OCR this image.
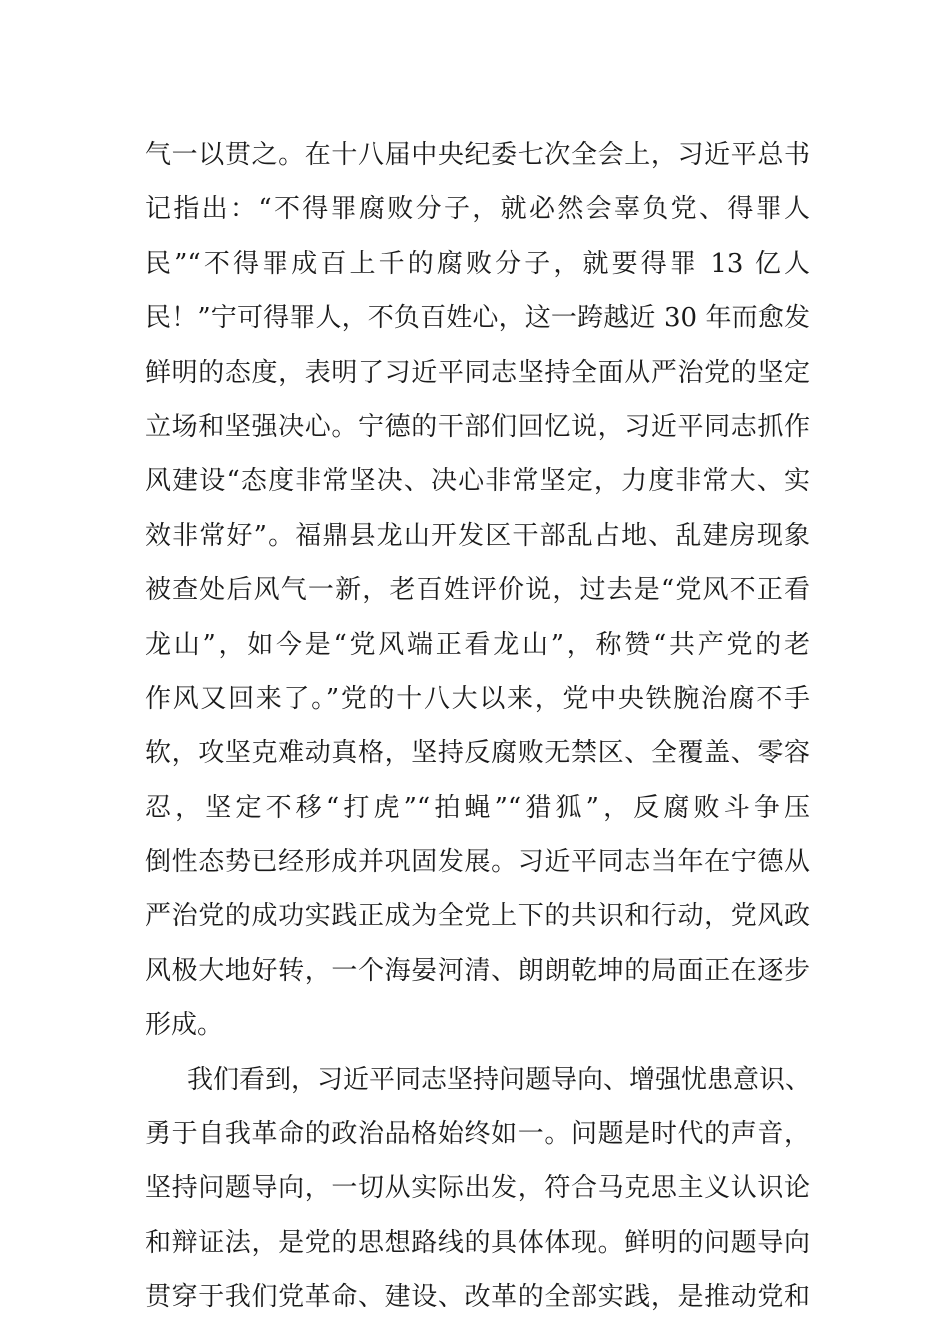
气一以贯之。在十八届中央纪委七次全会上，习近平总书
记指出：“不得罪腐败分子，就必然会辜负党、得罪人
民”“不得罪成百上千的腐败分子，就要得罪 13 亿人
民！”宁可得罪人，不负百姓心，这一跨越近 30 年而愈发
鲜明的态度，表明了习近平同志坚持全面从严治党的坚定
立场和坚强决心。宁德的干部们回忆说，习近平同志抓作
风建设“态度非常坚决、决心非常坚定，力度非常大、实
效非常好”。福鼎县龙山开发区干部乱占地、乱建房现象
被查处后风气一新，老百姓评价说，过去是“党风不正看
龙山”，如今是“党风端正看龙山”，称赞“共产党的老
作风又回来了。”党的十八大以来，党中央铁腕治腐不手
软，攻坚克难动真格，坚持反腐败无禁区、全覆盖、零容
忍，坚定不移“打虎”“拍蝇”“猎狐”，反腐败斗争压
倒性态势已经形成并巩固发展。习近平同志当年在宁德从
严治党的成功实践正成为全党上下的共识和行动，党风政
风极大地好转，一个海晏河清、朗朗乾坤的局面正在逐步
形成。
我们看到，习近平同志坚持问题导向、增强忧患意识、
勇于自我革命的政治品格始终如一。问题是时代的声音，
坚持问题导向，一切从实际出发，符合马克思主义认识论
和辩证法，是党的思想路线的具体体现。鲜明的问题导向
贯穿于我们党革命、建设、改革的全部实践，是推动党和
